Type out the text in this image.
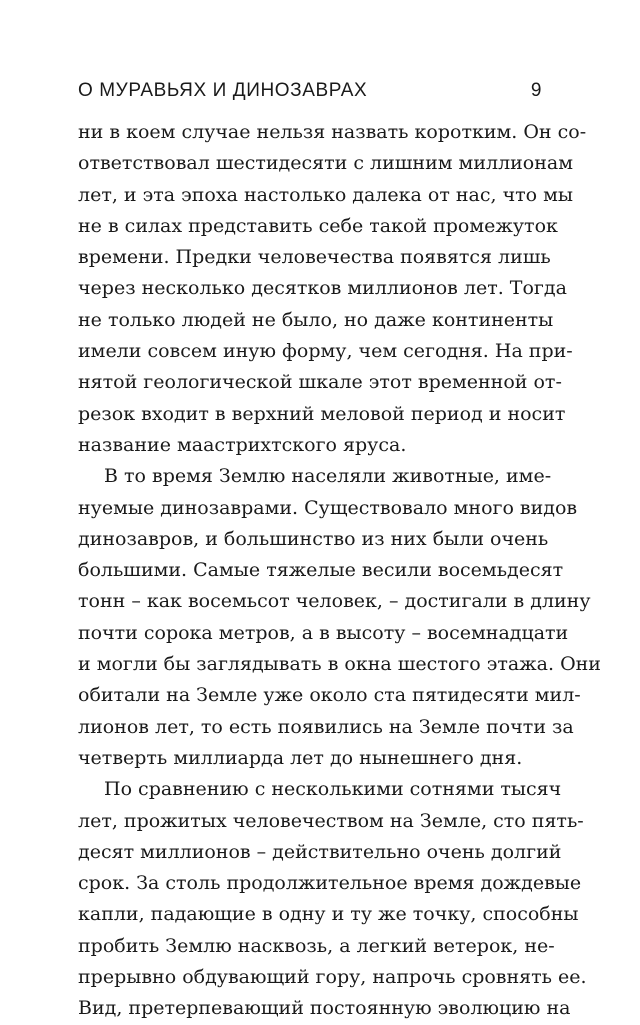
О МУРАВЬЯХ И ДИНОЗАВРАХ	9
ни в коем случае нельзя назвать коротким. Он со-
ответствовал шестидесяти с лишним миллионам
лет, и эта эпоха настолько далека от нас, что мы
не в силах представить себе такой промежуток
времени. Предки человечества появятся лишь
через несколько десятков миллионов лет. Тогда
не только людей не было, но даже континенты
имели совсем иную форму, чем сегодня. На при-
нятой геологической шкале этот временной от-
резок входит в верхний меловой период и носит
название маастрихтского яруса.
В то время Землю населяли животные, име-
нуемые динозаврами. Существовало много видов
динозавров, и большинство из них были очень
большими. Самые тяжелые весили восемьдесят
тонн – как восемьсот человек, – достигали в длину
почти сорока метров, а в высоту – восемнадцати
и могли бы заглядывать в окна шестого этажа. Они
обитали на Земле уже около ста пятидесяти мил-
лионов лет, то есть появились на Земле почти за
четверть миллиарда лет до нынешнего дня.
По сравнению с несколькими сотнями тысяч
лет, прожитых человечеством на Земле, сто пять-
десят миллионов – действительно очень долгий
срок. За столь продолжительное время дождевые
капли, падающие в одну и ту же точку, способны
пробить Землю насквозь, а легкий ветерок, не-
прерывно обдувающий гору, напрочь сровнять ее.
Вид, претерпевающий постоянную эволюцию на
